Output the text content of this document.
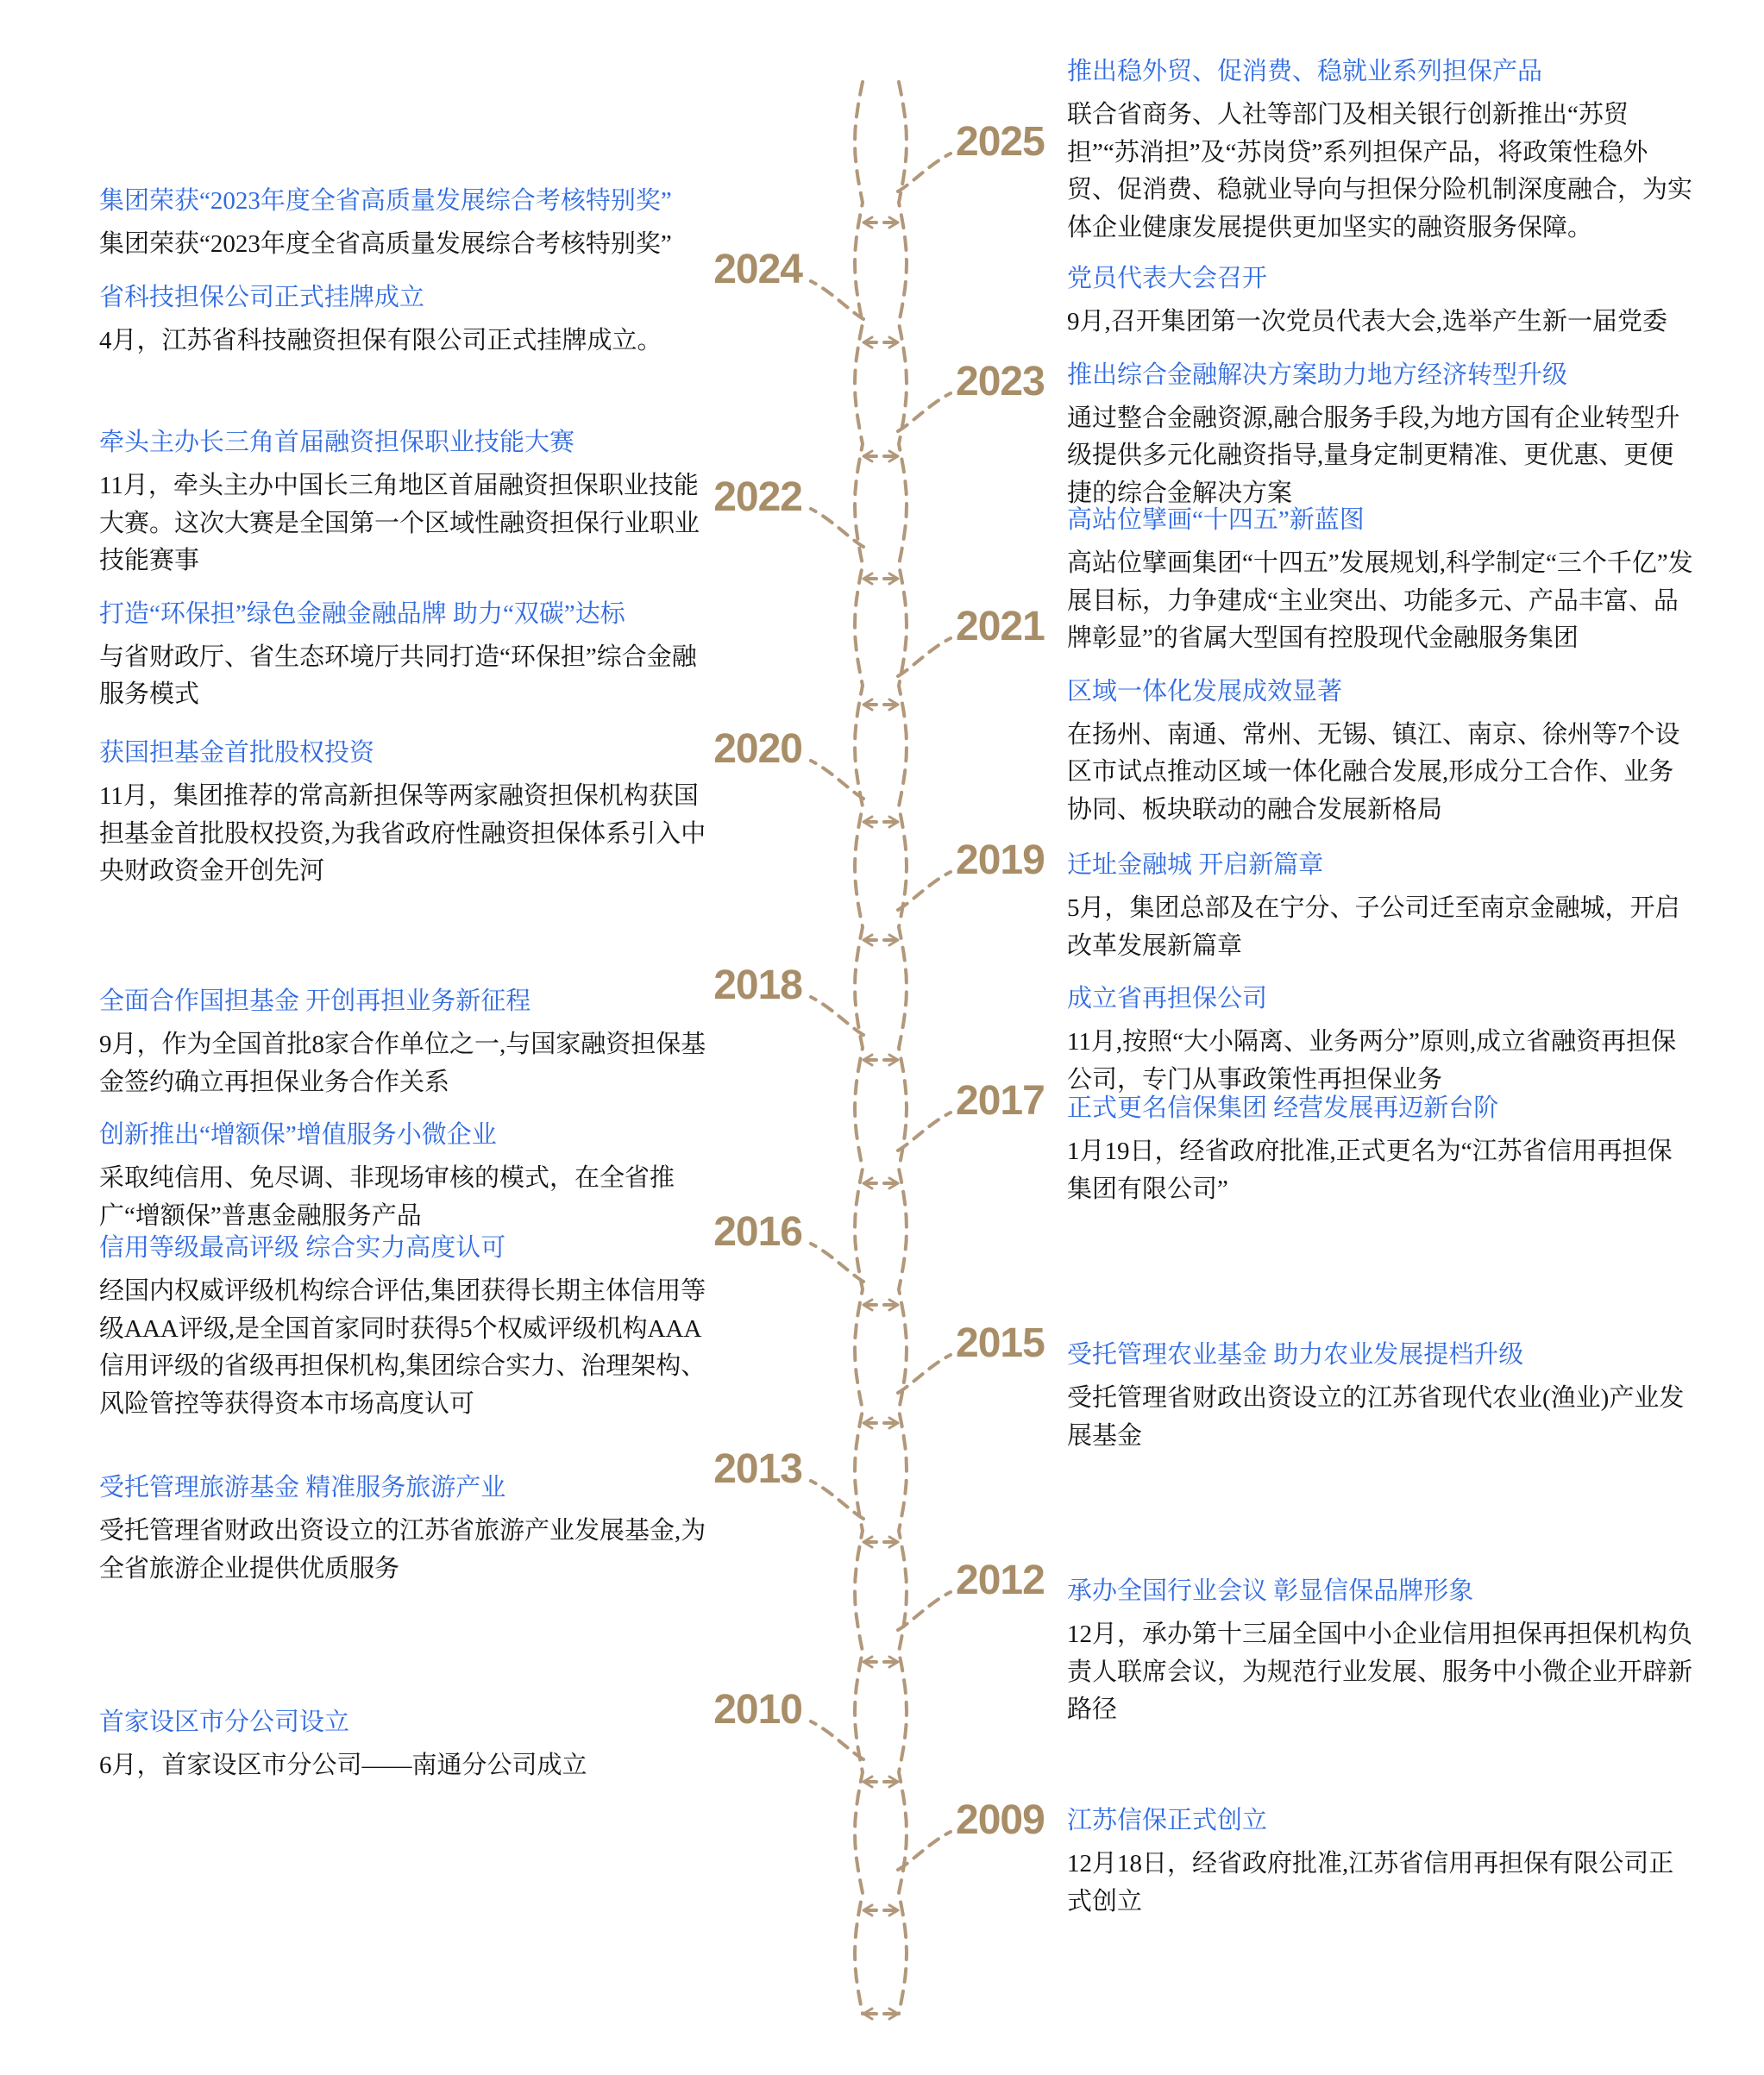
2025
推出稳外贸、促消费、稳就业系列担保产品
联合省商务、人社等部门及相关银行创新推出“苏贸担”“苏消担”及“苏岗贷”系列担保产品，将政策性稳外贸、促消费、稳就业导向与担保分险机制深度融合，为实体企业健康发展提供更加坚实的融资服务保障。
2024
集团荣获“2023年度全省高质量发展综合考核特别奖”
集团荣获“2023年度全省高质量发展综合考核特别奖”
省科技担保公司正式挂牌成立
4月，江苏省科技融资担保有限公司正式挂牌成立。
2023
党员代表大会召开
9月,召开集团第一次党员代表大会,选举产生新一届党委
推出综合金融解决方案助力地方经济转型升级
通过整合金融资源,融合服务手段,为地方国有企业转型升级提供多元化融资指导,量身定制更精准、更优惠、更便捷的综合金解决方案
2022
牵头主办长三角首届融资担保职业技能大赛
11月，牵头主办中国长三角地区首届融资担保职业技能大赛。这次大赛是全国第一个区域性融资担保行业职业技能赛事
打造“环保担”绿色金融金融品牌 助力“双碳”达标
与省财政厅、省生态环境厅共同打造“环保担”综合金融服务模式
2021
高站位擘画“十四五”新蓝图
高站位擘画集团“十四五”发展规划,科学制定“三个千亿”发展目标，力争建成“主业突出、功能多元、产品丰富、品牌彰显”的省属大型国有控股现代金融服务集团
区域一体化发展成效显著
在扬州、南通、常州、无锡、镇江、南京、徐州等7个设区市试点推动区域一体化融合发展,形成分工合作、业务协同、板块联动的融合发展新格局
2020
获国担基金首批股权投资
11月，集团推荐的常高新担保等两家融资担保机构获国担基金首批股权投资,为我省政府性融资担保体系引入中央财政资金开创先河	2019 迁址金融城 开启新篇章
5月，集团总部及在宁分、子公司迁至南京金融城，开启改革发展新篇章
成立省再担保公司
11月,按照“大小隔离、业务两分”原则,成立省融资再担保公司，专门从事政策性再担保业务
2018
全面合作国担基金 开创再担业务新征程
9月，作为全国首批8家合作单位之一,与国家融资担保基金签约确立再担保业务合作关系
创新推出“增额保”增值服务小微企业
采取纯信用、免尽调、非现场审核的模式，在全省推广“增额保”普惠金融服务产品
2017 正式更名信保集团 经营发展再迈新台阶
1月19日，经省政府批准,正式更名为“江苏省信用再担保集团有限公司”
2016
信用等级最高评级 综合实力高度认可
经国内权威评级机构综合评估,集团获得长期主体信用等级AAA评级,是全国首家同时获得5个权威评级机构AAA信用评级的省级再担保机构,集团综合实力、治理架构、风险管控等获得资本市场高度认可
2015 受托管理农业基金 助力农业发展提档升级
受托管理省财政出资设立的江苏省现代农业(渔业)产业发展基金
2013
受托管理旅游基金 精准服务旅游产业
受托管理省财政出资设立的江苏省旅游产业发展基金,为全省旅游企业提供优质服务	2012 承办全国行业会议 彰显信保品牌形象
12月，承办第十三届全国中小企业信用担保再担保机构负责人联席会议，为规范行业发展、服务中小微企业开辟新路径
2010
首家设区市分公司设立
6月，首家设区市分公司——南通分公司成立
2009 江苏信保正式创立
12月18日，经省政府批准,江苏省信用再担保有限公司正式创立
